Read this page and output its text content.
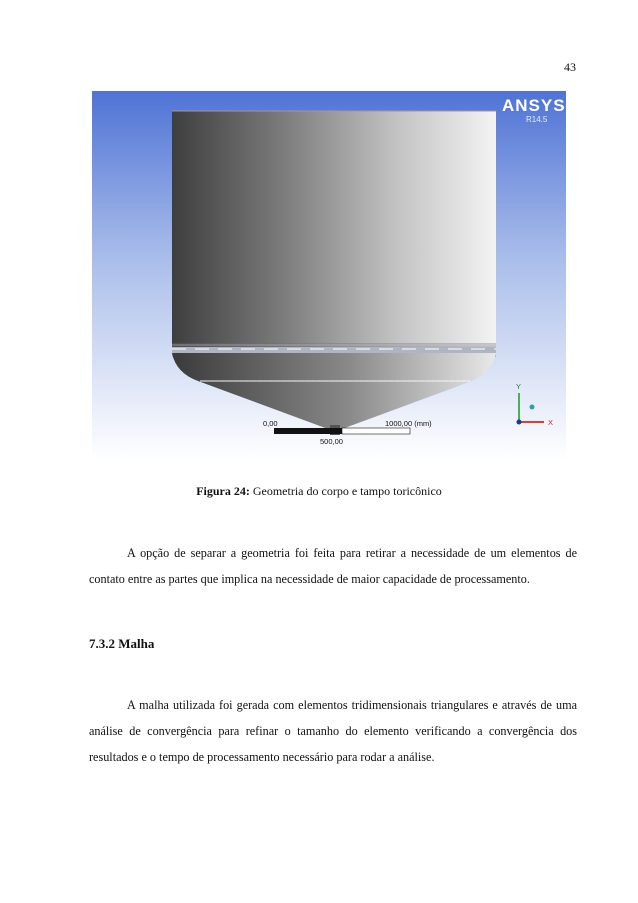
43
ANSYS
R14.5
0,00	1000,00 (mm)
500,00
Y
X
Figura 24: Geometria do corpo e tampo toricônico

A opção de separar a geometria foi feita para retirar a necessidade de um elementos de contato entre as partes que implica na necessidade de maior capacidade de processamento.

7.3.2 Malha

A malha utilizada foi gerada com elementos tridimensionais triangulares e através de uma análise de convergência para refinar o tamanho do elemento verificando a convergência dos resultados e o tempo de processamento necessário para rodar a análise.
